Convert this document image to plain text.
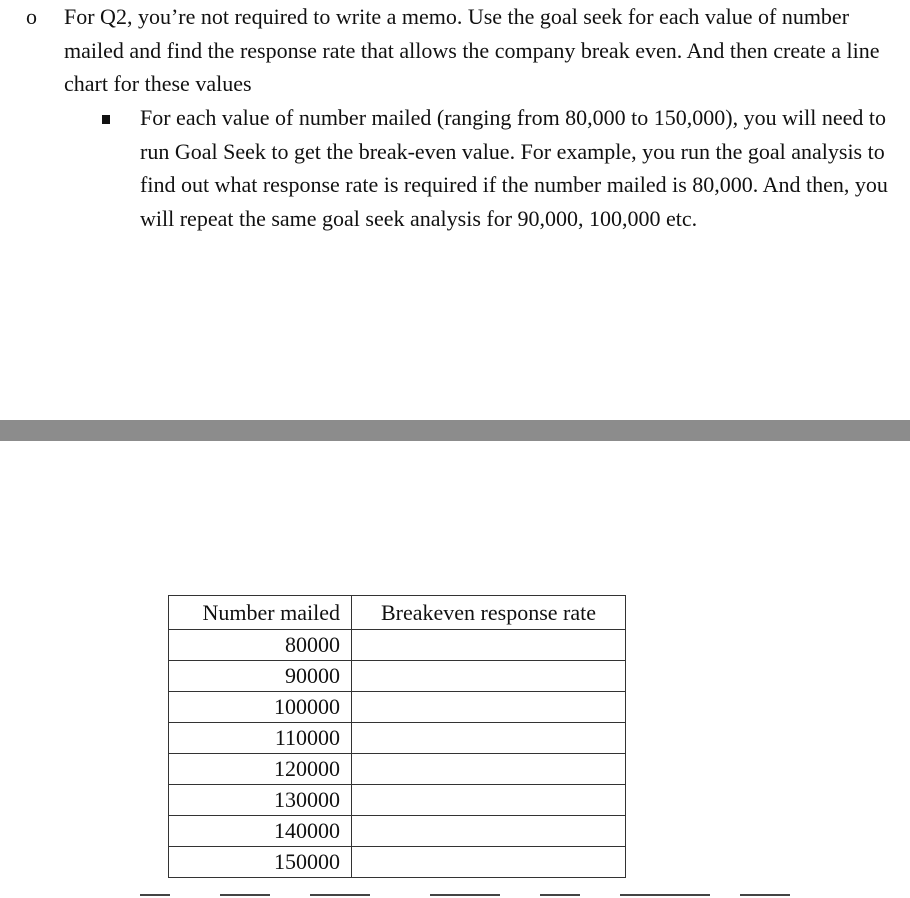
o For Q2, you’re not required to write a memo. Use the goal seek for each value of number mailed and find the response rate that allows the company break even. And then create a line chart for these values
For each value of number mailed (ranging from 80,000 to 150,000), you will need to run Goal Seek to get the break-even value. For example, you run the goal analysis to find out what response rate is required if the number mailed is 80,000. And then, you will repeat the same goal seek analysis for 90,000, 100,000 etc.
Number mailed	Breakeven response rate
80000	
90000	
100000	
110000	
120000	
130000	
140000	
150000	
